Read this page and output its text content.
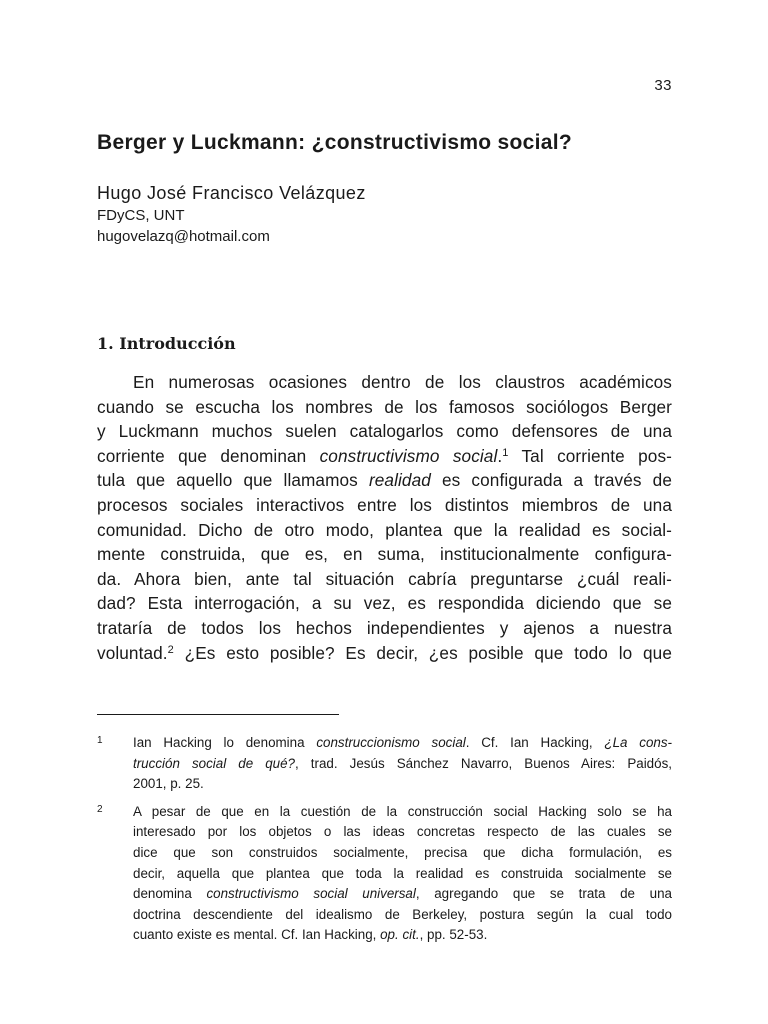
33
Berger y Luckmann: ¿constructivismo social?
Hugo José Francisco Velázquez
FDyCS, UNT
hugovelazq@hotmail.com
1. Introducción
En numerosas ocasiones dentro de los claustros académicos
cuando se escucha los nombres de los famosos sociólogos Berger
y Luckmann muchos suelen catalogarlos como defensores de una
corriente que denominan constructivismo social.$^1$ Tal corriente pos-
tula que aquello que llamamos realidad es configurada a través de
procesos sociales interactivos entre los distintos miembros de una
comunidad. Dicho de otro modo, plantea que la realidad es social-
mente construida, que es, en suma, institucionalmente configura-
da. Ahora bien, ante tal situación cabría preguntarse ¿cuál reali-
dad? Esta interrogación, a su vez, es respondida diciendo que se
trataría de todos los hechos independientes y ajenos a nuestra
voluntad.$^2$ ¿Es esto posible? Es decir, ¿es posible que todo lo que
1 Ian Hacking lo denomina construccionismo social. Cf. Ian Hacking, ¿La cons-
trucción social de qué?, trad. Jesús Sánchez Navarro, Buenos Aires: Paidós,
2001, p. 25.
2 A pesar de que en la cuestión de la construcción social Hacking solo se ha
interesado por los objetos o las ideas concretas respecto de las cuales se
dice que son construidos socialmente, precisa que dicha formulación, es
decir, aquella que plantea que toda la realidad es construida socialmente se
denomina constructivismo social universal, agregando que se trata de una
doctrina descendiente del idealismo de Berkeley, postura según la cual todo
cuanto existe es mental. Cf. Ian Hacking, op. cit., pp. 52-53.
